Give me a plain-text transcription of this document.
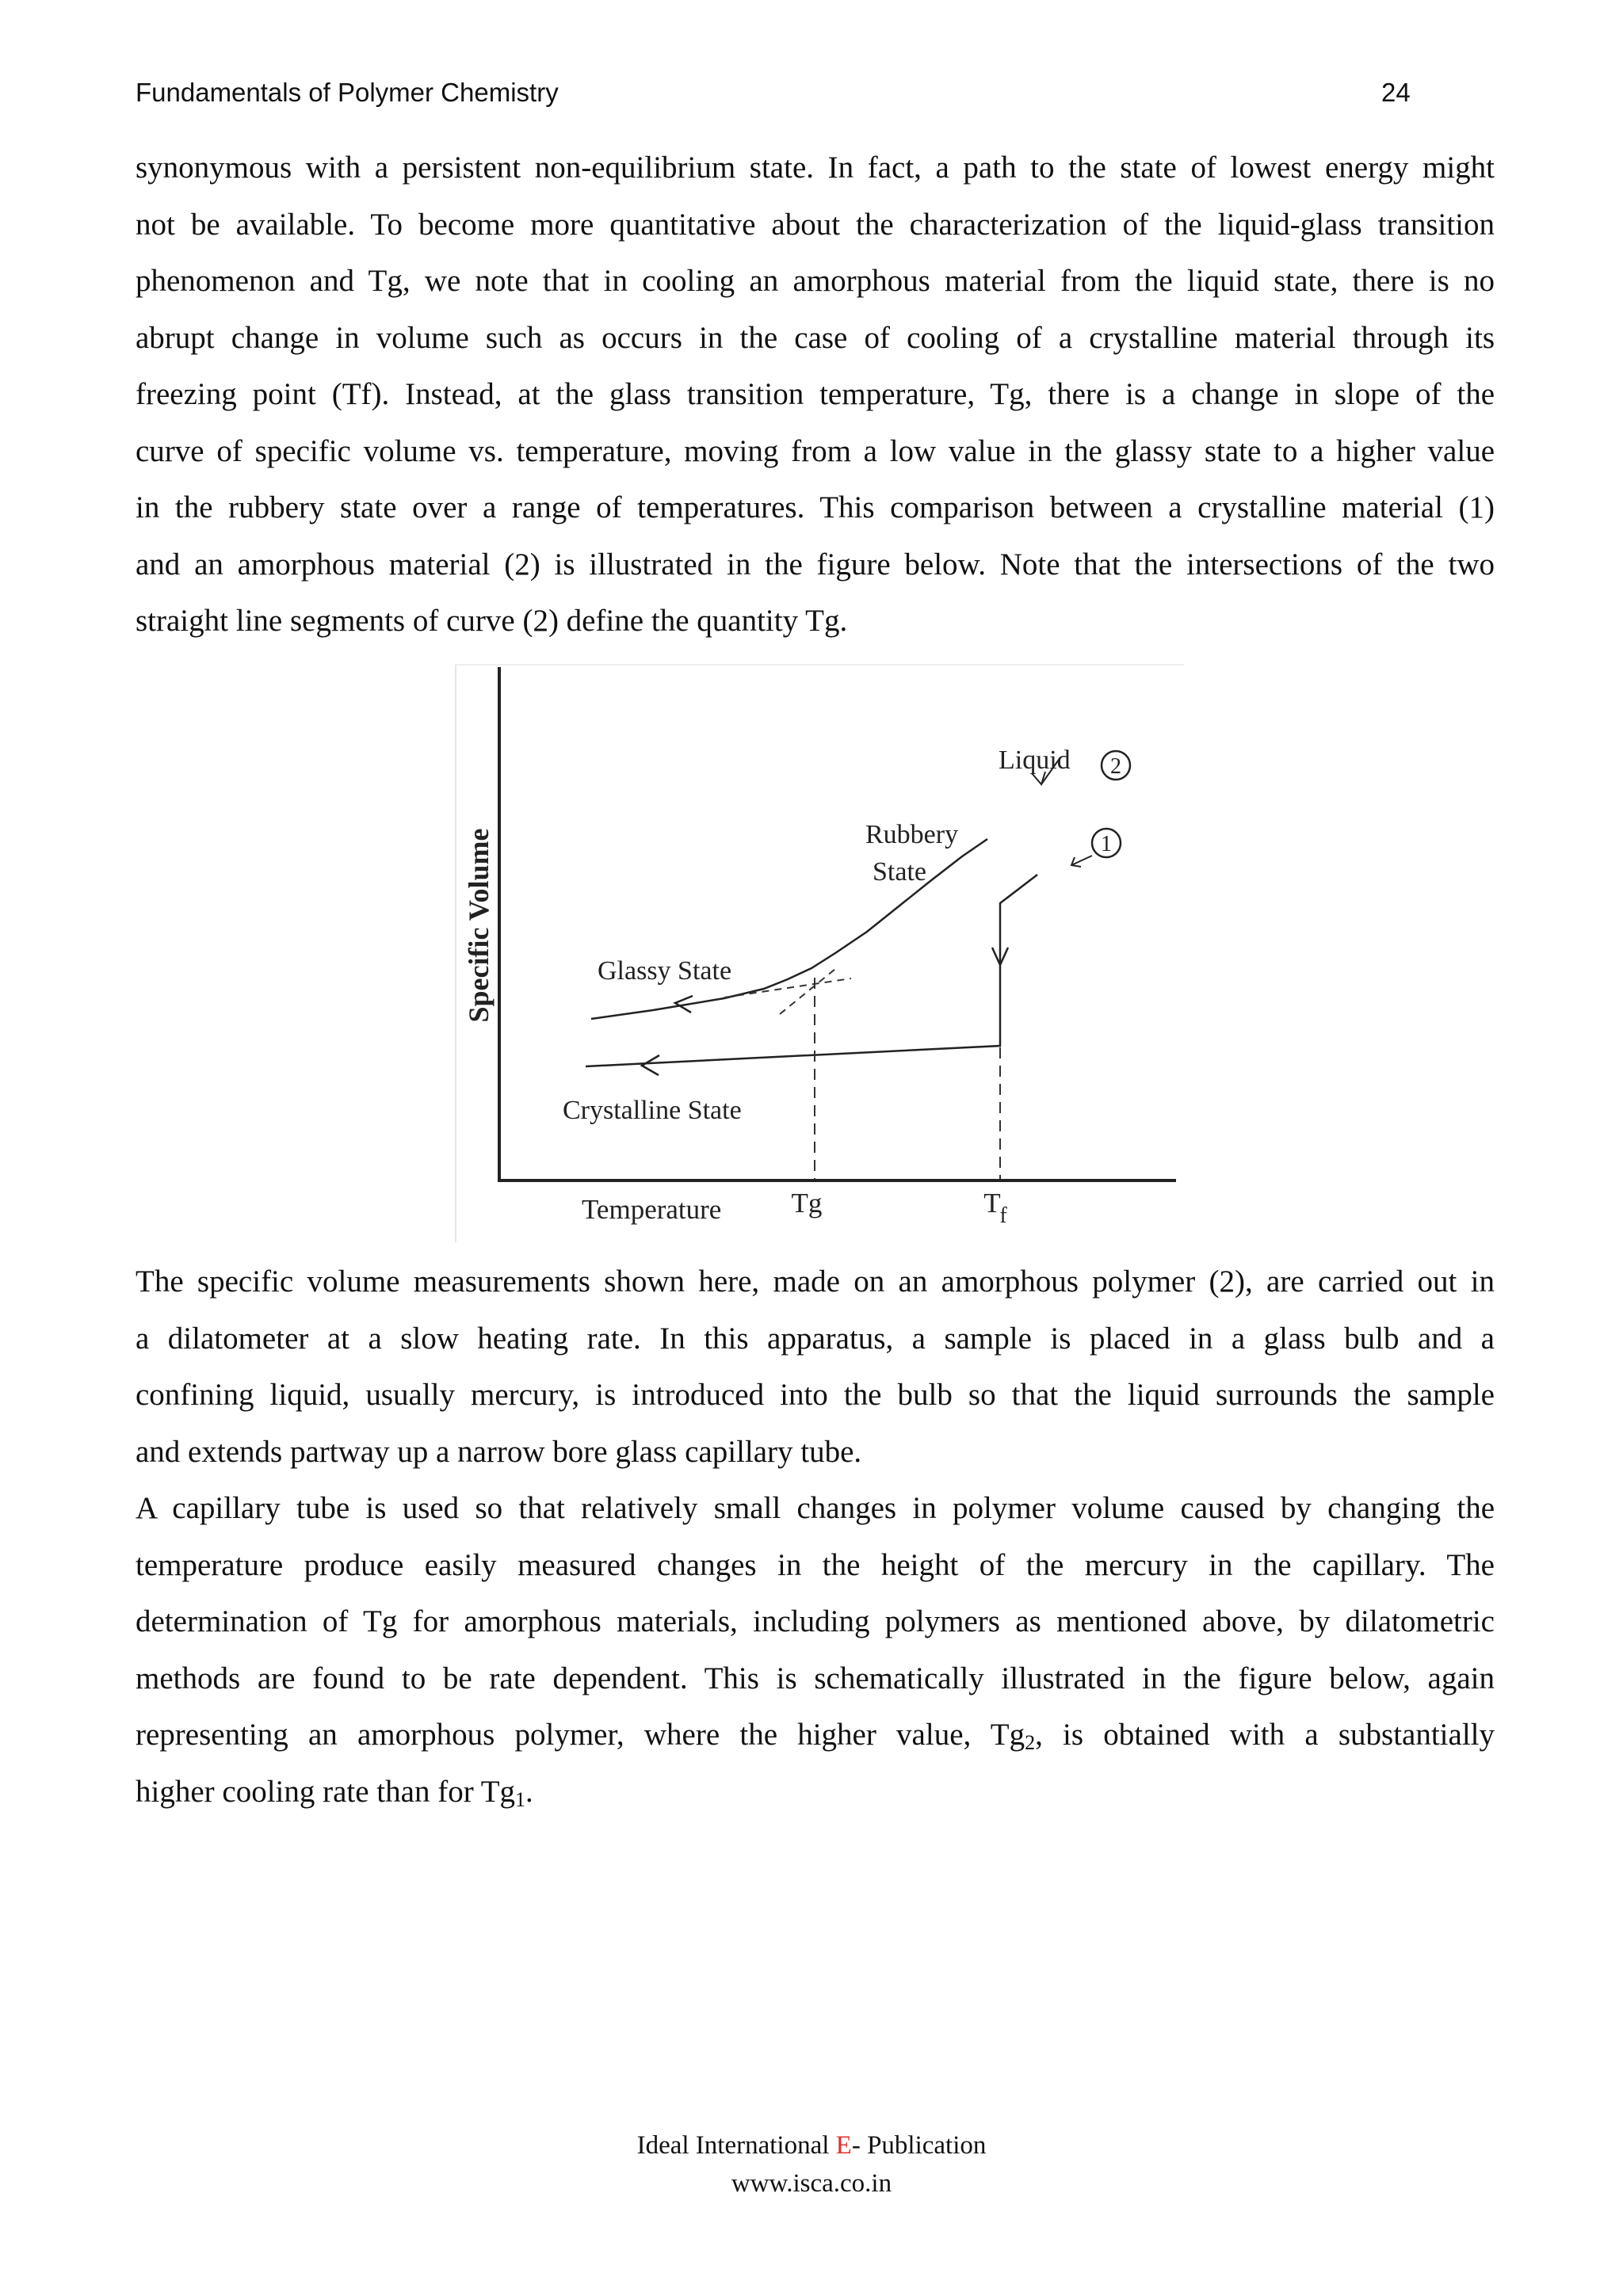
Fundamentals of Polymer Chemistry	24
synonymous with a persistent non-equilibrium state. In fact, a path to the state of lowest energy might
not be available. To become more quantitative about the characterization of the liquid-glass transition
phenomenon and Tg, we note that in cooling an amorphous material from the liquid state, there is no
abrupt change in volume such as occurs in the case of cooling of a crystalline material through its
freezing point (Tf). Instead, at the glass transition temperature, Tg, there is a change in slope of the
curve of specific volume vs. temperature, moving from a low value in the glassy state to a higher value
in the rubbery state over a range of temperatures. This comparison between a crystalline material (1)
and an amorphous material (2) is illustrated in the figure below. Note that the intersections of the two
straight line segments of curve (2) define the quantity Tg.
Specific Volume
2
1
Liquid
Rubbery
State
Glassy State
Crystalline State
Temperature	Tg	T
f
The specific volume measurements shown here, made on an amorphous polymer (2), are carried out in
a dilatometer at a slow heating rate. In this apparatus, a sample is placed in a glass bulb and a
confining liquid, usually mercury, is introduced into the bulb so that the liquid surrounds the sample
and extends partway up a narrow bore glass capillary tube.
A capillary tube is used so that relatively small changes in polymer volume caused by changing the
temperature produce easily measured changes in the height of the mercury in the capillary. The
determination of Tg for amorphous materials, including polymers as mentioned above, by dilatometric
methods are found to be rate dependent. This is schematically illustrated in the figure below, again
representing an amorphous polymer, where the higher value, $Tg_2$, is obtained with a substantially
higher cooling rate than for $Tg_1$.
Ideal International E- Publication
www.isca.co.in
